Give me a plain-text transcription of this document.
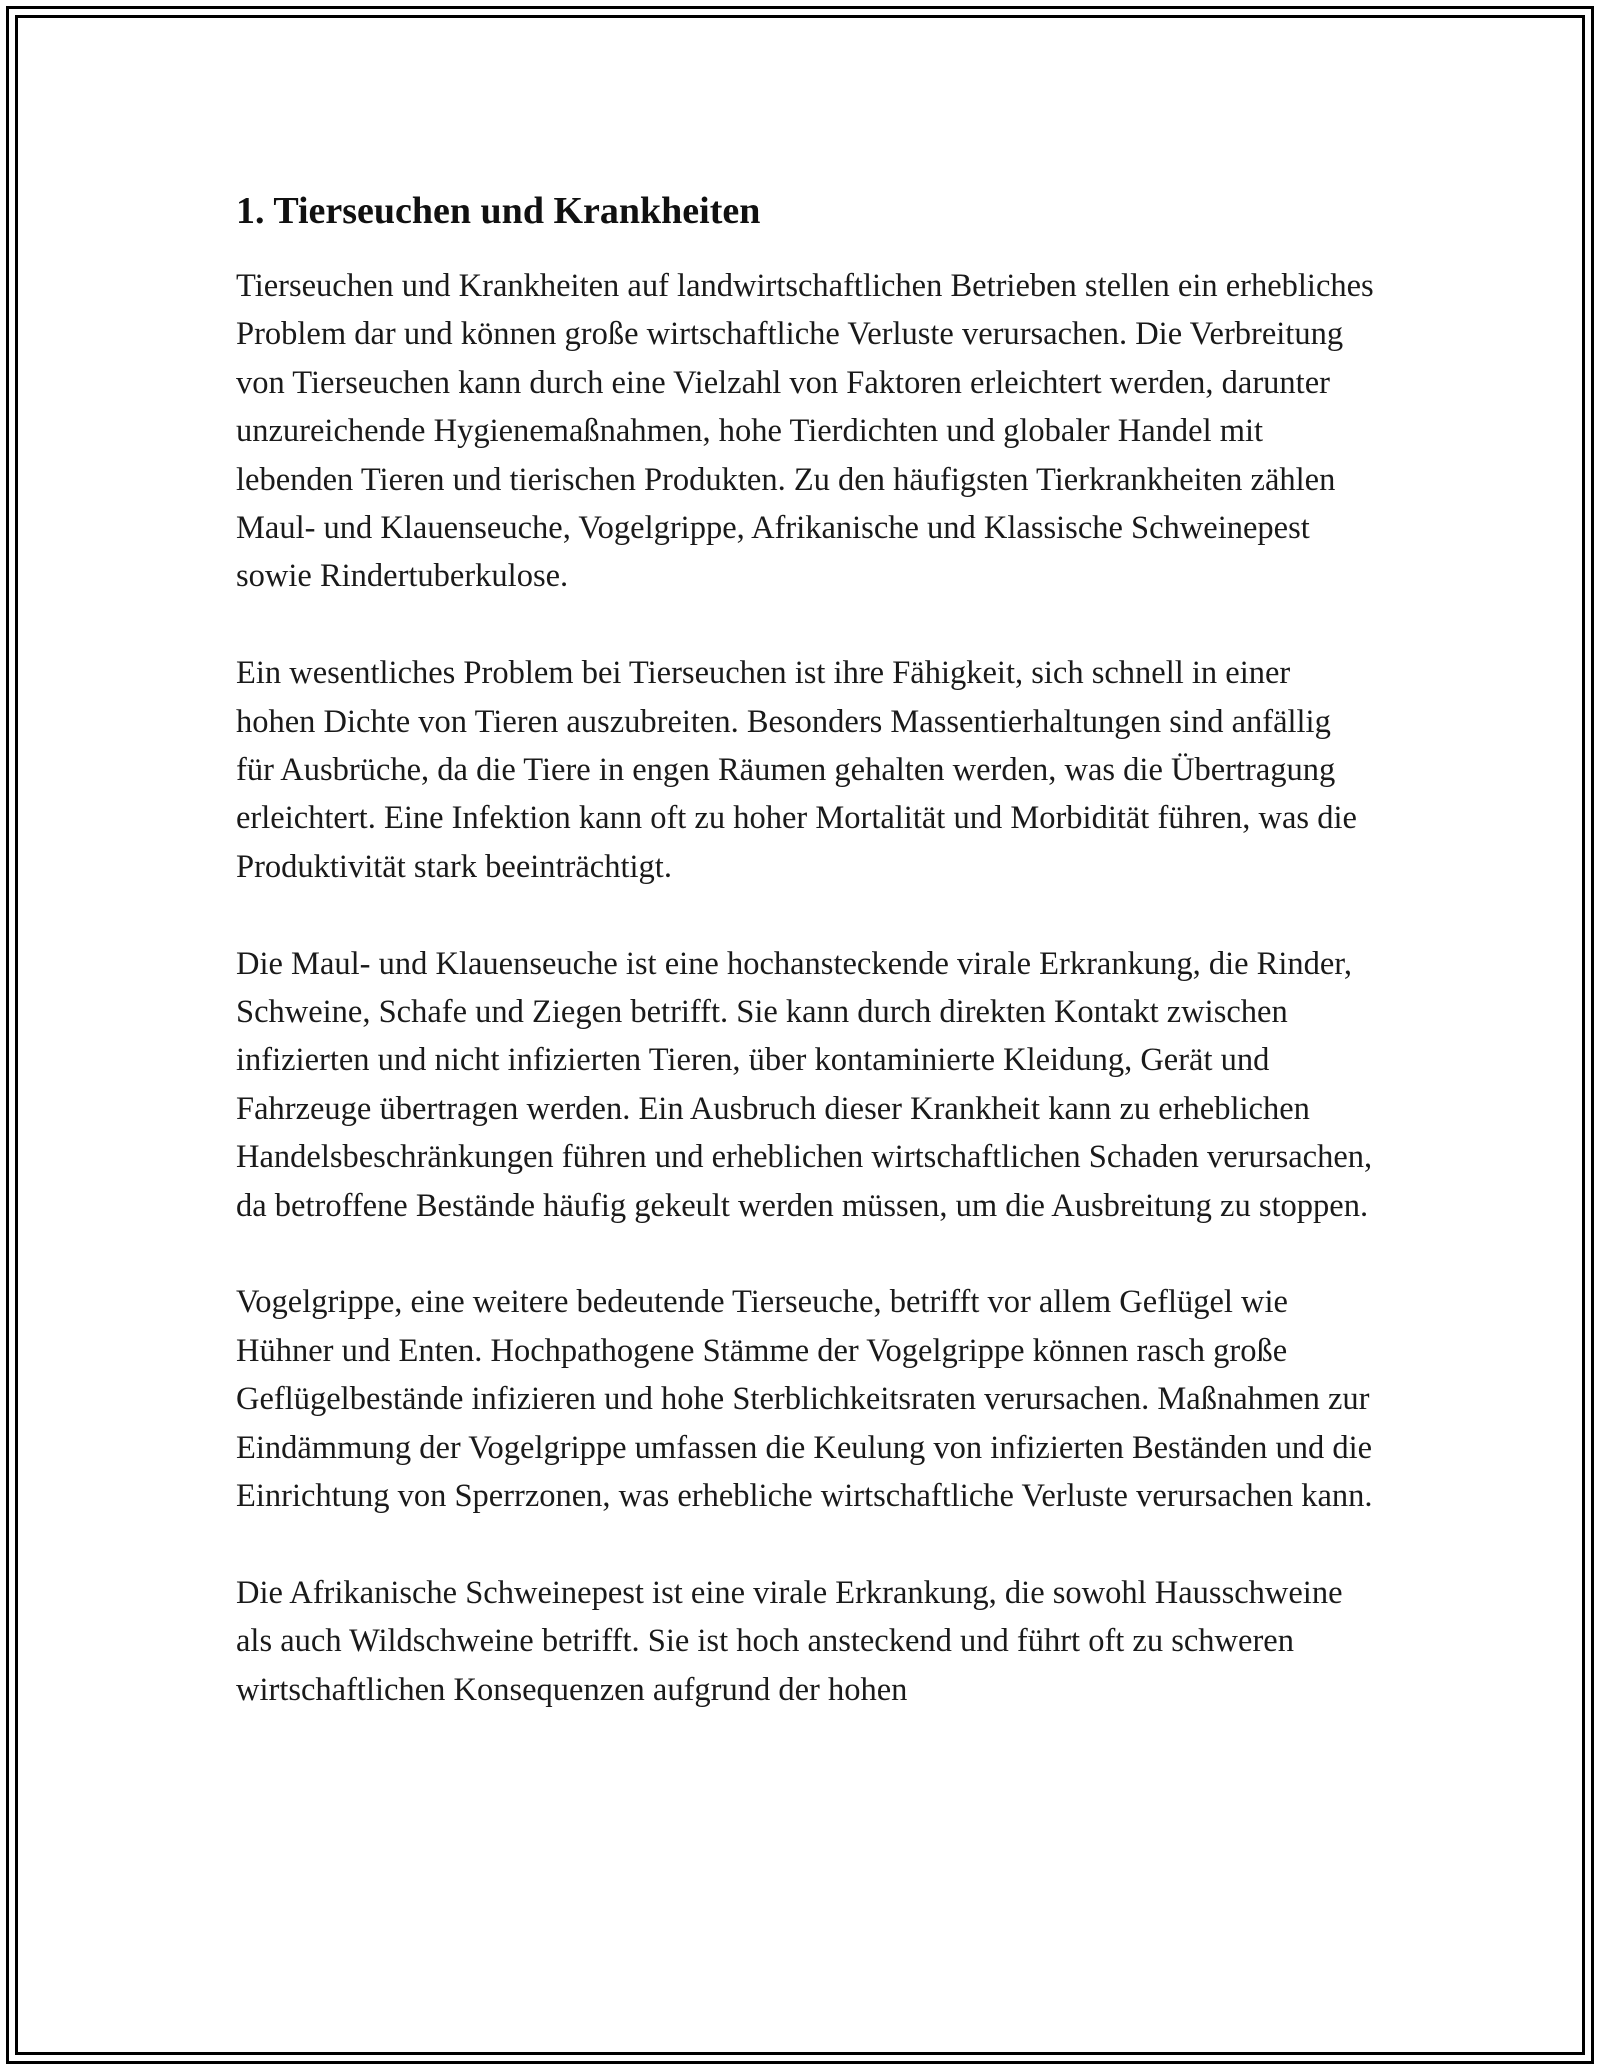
1. Tierseuchen und Krankheiten

Tierseuchen und Krankheiten auf landwirtschaftlichen Betrieben stellen ein erhebliches Problem dar und können große wirtschaftliche Verluste verursachen. Die Verbreitung von Tierseuchen kann durch eine Vielzahl von Faktoren erleichtert werden, darunter unzureichende Hygienemaßnahmen, hohe Tierdichten und globaler Handel mit lebenden Tieren und tierischen Produkten. Zu den häufigsten Tierkrankheiten zählen Maul- und Klauenseuche, Vogelgrippe, Afrikanische und Klassische Schweinepest sowie Rindertuberkulose.

Ein wesentliches Problem bei Tierseuchen ist ihre Fähigkeit, sich schnell in einer hohen Dichte von Tieren auszubreiten. Besonders Massentierhaltungen sind anfällig für Ausbrüche, da die Tiere in engen Räumen gehalten werden, was die Übertragung erleichtert. Eine Infektion kann oft zu hoher Mortalität und Morbidität führen, was die Produktivität stark beeinträchtigt.

Die Maul- und Klauenseuche ist eine hochansteckende virale Erkrankung, die Rinder, Schweine, Schafe und Ziegen betrifft. Sie kann durch direkten Kontakt zwischen infizierten und nicht infizierten Tieren, über kontaminierte Kleidung, Gerät und Fahrzeuge übertragen werden. Ein Ausbruch dieser Krankheit kann zu erheblichen Handelsbeschränkungen führen und erheblichen wirtschaftlichen Schaden verursachen, da betroffene Bestände häufig gekeult werden müssen, um die Ausbreitung zu stoppen.

Vogelgrippe, eine weitere bedeutende Tierseuche, betrifft vor allem Geflügel wie Hühner und Enten. Hochpathogene Stämme der Vogelgrippe können rasch große Geflügelbestände infizieren und hohe Sterblichkeitsraten verursachen. Maßnahmen zur Eindämmung der Vogelgrippe umfassen die Keulung von infizierten Beständen und die Einrichtung von Sperrzonen, was erhebliche wirtschaftliche Verluste verursachen kann.

Die Afrikanische Schweinepest ist eine virale Erkrankung, die sowohl Hausschweine als auch Wildschweine betrifft. Sie ist hoch ansteckend und führt oft zu schweren wirtschaftlichen Konsequenzen aufgrund der hohen
